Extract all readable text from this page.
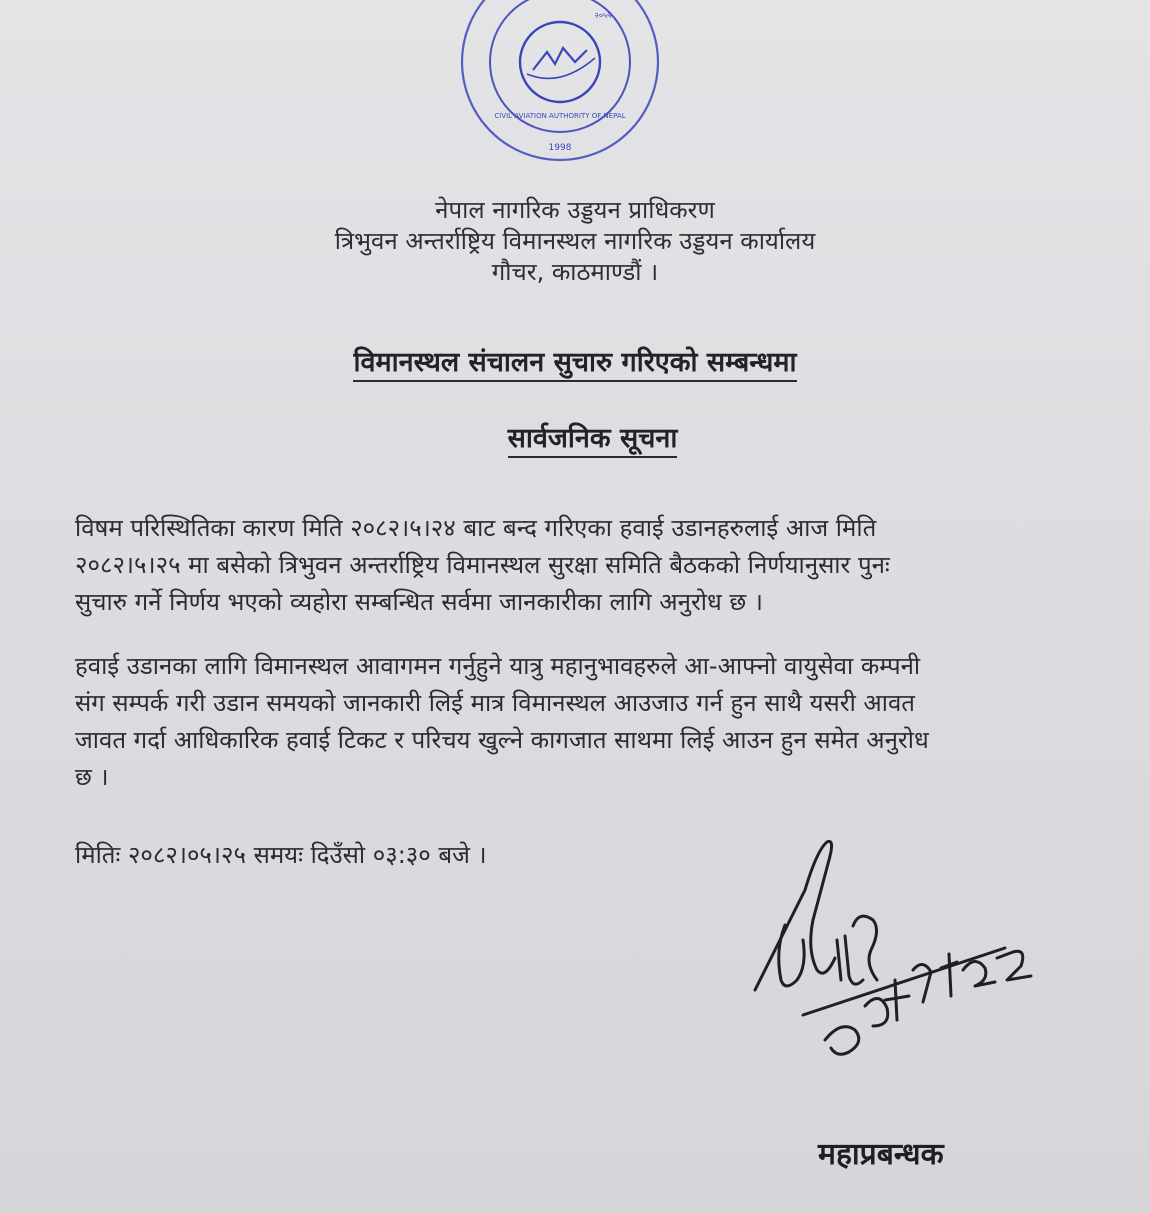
1998
CIVIL AVIATION AUTHORITY OF NEPAL
२०५५
नेपाल नागरिक उड्डयन प्राधिकरण
त्रिभुवन अन्तर्राष्ट्रिय विमानस्थल नागरिक उड्डयन कार्यालय
गौचर, काठमाण्डौं ।
विमानस्थल संचालन सुचारु गरिएको सम्बन्धमा
सार्वजनिक सूचना
विषम परिस्थितिका कारण मिति २०८२।५।२४ बाट बन्द गरिएका हवाई उडानहरुलाई आज मिति
२०८२।५।२५ मा बसेको त्रिभुवन अन्तर्राष्ट्रिय विमानस्थल सुरक्षा समिति बैठकको निर्णयानुसार पुनः
सुचारु गर्ने निर्णय भएको व्यहोरा सम्बन्धित सर्वमा जानकारीका लागि अनुरोध छ ।
हवाई उडानका लागि विमानस्थल आवागमन गर्नुहुने यात्रु महानुभावहरुले आ-आफ्नो वायुसेवा कम्पनी
संग सम्पर्क गरी उडान समयको जानकारी लिई मात्र विमानस्थल आउजाउ गर्न हुन साथै यसरी आवत
जावत गर्दा आधिकारिक हवाई टिकट र परिचय खुल्ने कागजात साथमा लिई आउन हुन समेत अनुरोध
छ ।
मितिः २०८२।०५।२५ समयः दिउँसो ०३:३० बजे ।
महाप्रबन्धक
